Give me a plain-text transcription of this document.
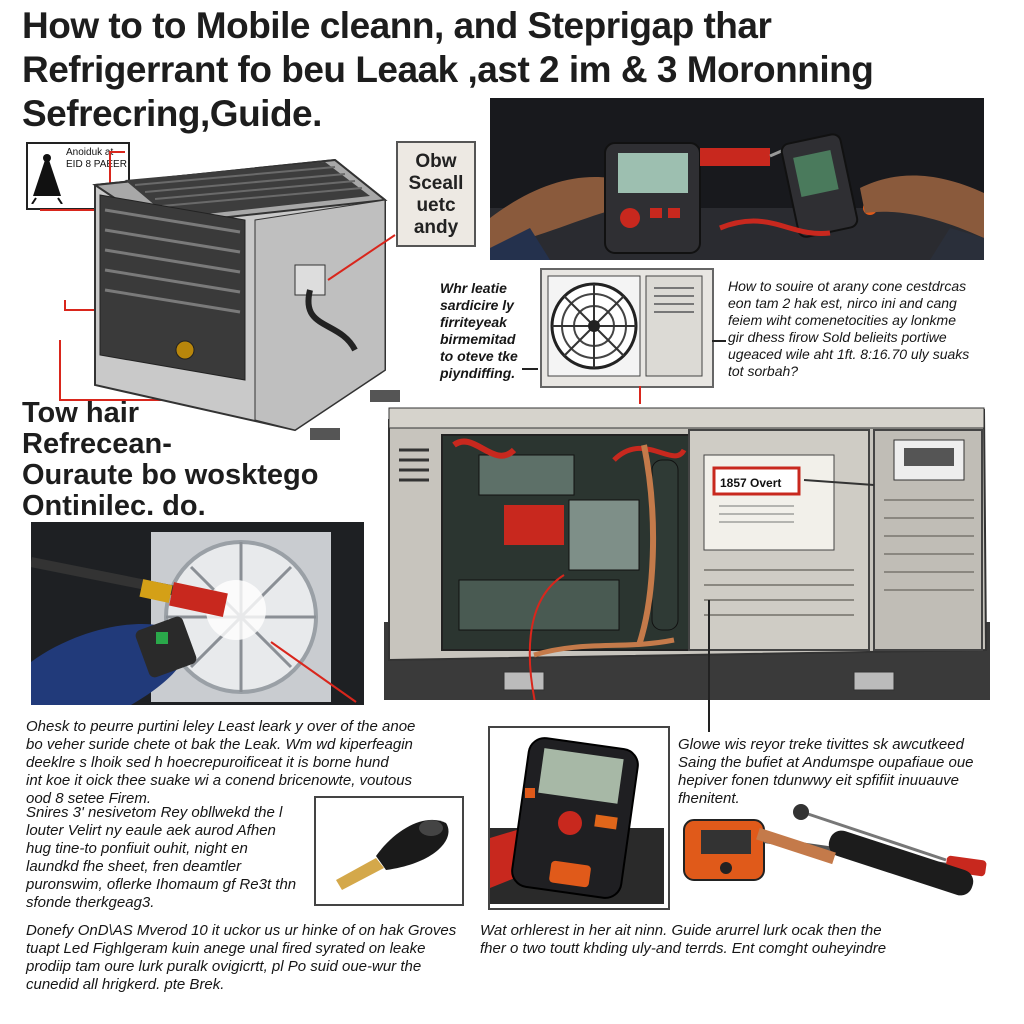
How to to Mobile cleann, and Steprigap thar
Refrigerrant fo beu Leaak ,ast 2 im & 3 Moronning
Sefrecring,Guide.
Anoiduk at
EID 8 PAEER	Obw
Sceall
uetc
andy
Whr leatie
sardicire ly
firriteyeak
birmemitad
to oteve tke
piyndiffing.
How to souire ot arany cone cestdrcas
eon tam 2 hak est, nirco ini and cang
feiem wiht comenetocities ay lonkme
gir dhess firow Sold belieits portiwe
ugeaced wile aht 1ft. 8:16.70 uly suaks
tot sorbah?
Tow hair
Refrecean-
Ouraute bo wosktego
Ontinilec. do.
1857 Overt
Ohesk to peurre purtini leley Least leark y over of the anoe
bo veher suride chete ot bak the Leak. Wm wd kiperfeagin
deeklre s lhoik sed h hoecrepuroificeat it is borne hund
int koe it oick thee suake wi a conend bricenowte, voutous
ood 8 setee Firem.
Snires 3' nesivetom Rey obllwekd the l
louter Velirt ny eaule aek aurod Afhen
hug tine-to ponfiuit ouhit, night en
laundkd fhe sheet, fren deamtler
puronswim, oflerke Ihomaum gf Re3t thn
sfonde therkgeag3.
Glowe wis reyor treke tivittes sk awcutkeed
Saing the bufiet at Andumspe oupafiaue oue
hepiver fonen tdunwwy eit spfifiit inuuauve
fhenitent.
Donefy OnD\AS Mverod 10 it uckor us ur hinke of on hak Groves
tuapt Led Fighlgeram kuin anege unal fired syrated on leake
prodiip tam oure lurk puralk ovigicrtt, pl Po suid oue-wur the
cunedid all hrigkerd. pte Brek.
Wat orhlerest in her ait ninn. Guide arurrel lurk ocak then the
fher o two toutt khding uly-and terrds. Ent comght ouheyindre
